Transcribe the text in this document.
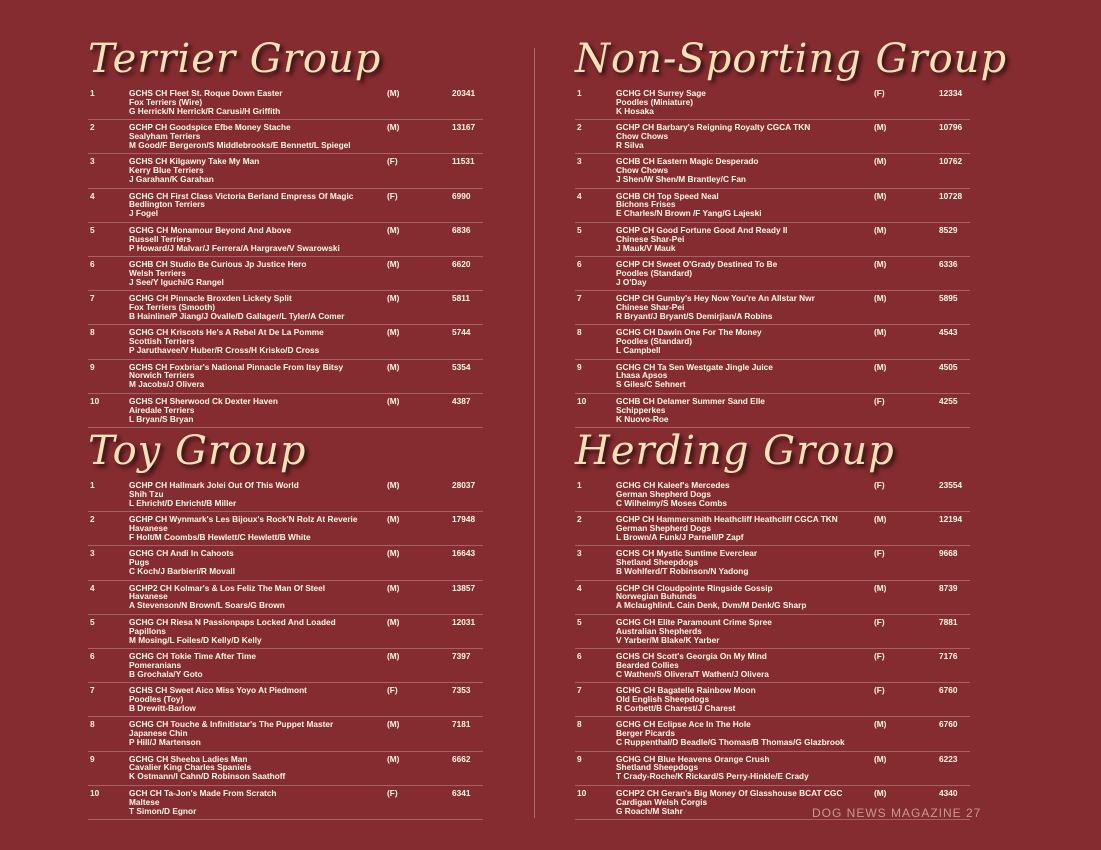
Terrier Group
1	GCHS CH Fleet St. Roque Down Easter
Fox Terriers (Wire)
G Herrick/N Herrick/R Carusi/H Griffith
(M)	20341
2	GCHP CH Goodspice Efbe Money Stache
Sealyham Terriers
M Good/F Bergeron/S Middlebrooks/E Bennett/L Spiegel
(M)	13167
3	GCHS CH Kilgawny Take My Man
Kerry Blue Terriers
J Garahan/K Garahan
(F)	11531
4	GCHG CH First Class Victoria Berland Empress Of Magic
Bedlington Terriers
J Fogel
(F)	6990
5	GCHG CH Monamour Beyond And Above
Russell Terriers
P Howard/J Malvar/J Ferrera/A Hargrave/V Swarowski
(M)	6836
6	GCHB CH Studio Be Curious Jp Justice Hero
Welsh Terriers
J See/Y Iguchi/G Rangel
(M)	6620
7	GCHG CH Pinnacle Broxden Lickety Split
Fox Terriers (Smooth)
B Hainline/P Jiang/J Ovalle/D Gallager/L Tyler/A Comer
(M)	5811
8	GCHG CH Kriscots He's A Rebel At De La Pomme
Scottish Terriers
P Jaruthavee/V Huber/R Cross/H Krisko/D Cross
(M)	5744
9	GCHS CH Foxbriar's National Pinnacle From Itsy Bitsy
Norwich Terriers
M Jacobs/J Olivera
(M)	5354
10	GCHS CH Sherwood Ck Dexter Haven
Airedale Terriers
L Bryan/S Bryan
(M)	4387
Non-Sporting Group
1	GCHG CH Surrey Sage
Poodles (Miniature)
K Hosaka
(F)	12334
2	GCHP CH Barbary's Reigning Royalty CGCA TKN
Chow Chows
R Silva
(M)	10796
3	GCHB CH Eastern Magic Desperado
Chow Chows
J Shen/W Shen/M Brantley/C Fan
(M)	10762
4	GCHB CH Top Speed Neal
Bichons Frises
E Charles/N Brown /F Yang/G Lajeski
(M)	10728
5	GCHP CH Good Fortune Good And Ready II
Chinese Shar-Pei
J Mauk/V Mauk
(M)	8529
6	GCHP CH Sweet O'Grady Destined To Be
Poodles (Standard)
J O'Day
(M)	6336
7	GCHP CH Gumby's Hey Now You're An Allstar Nwr
Chinese Shar-Pei
R Bryant/J Bryant/S Demirjian/A Robins
(M)	5895
8	GCHG CH Dawin One For The Money
Poodles (Standard)
L Campbell
(M)	4543
9	GCHG CH Ta Sen Westgate Jingle Juice
Lhasa Apsos
S Giles/C Sehnert
(M)	4505
10	GCHB CH Delamer Summer Sand Elle
Schipperkes
K Nuovo-Roe
(F)	4255
Toy Group
1	GCHP CH Hallmark Jolei Out Of This World
Shih Tzu
L Ehricht/D Ehricht/B Miller
(M)	28037
2	GCHP CH Wynmark's Les Bijoux's Rock'N Rolz At Reverie
Havanese
F Holt/M Coombs/B Hewlett/C Hewlett/B White
(M)	17948
3	GCHG CH Andi In Cahoots
Pugs
C Koch/J Barbieri/R Movall
(M)	16643
4	GCHP2 CH Kolmar's & Los Feliz The Man Of Steel
Havanese
A Stevenson/N Brown/L Soars/G Brown
(M)	13857
5	GCHG CH Riesa N Passionpaps Locked And Loaded
Papillons
M Mosing/L Foiles/D Kelly/D Kelly
(M)	12031
6	GCHG CH Tokie Time After Time
Pomeranians
B Grochala/Y Goto
(M)	7397
7	GCHS CH Sweet Aico Miss Yoyo At Piedmont
Poodles (Toy)
B Drewitt-Barlow
(F)	7353
8	GCHG CH Touche & Infinitistar's The Puppet Master
Japanese Chin
P Hill/J Martenson
(M)	7181
9	GCHG CH Sheeba Ladies Man
Cavalier King Charles Spaniels
K Ostmann/I Cahn/D Robinson Saathoff
(M)	6662
10	GCH CH Ta-Jon's Made From Scratch
Maltese
T Simon/D Egnor
(F)	6341
Herding Group
1	GCHG CH Kaleef's Mercedes
German Shepherd Dogs
C Wilhelmy/S Moses Combs
(F)	23554
2	GCHP CH Hammersmith Heathcliff Heathcliff CGCA TKN
German Shepherd Dogs
L Brown/A Funk/J Parnell/P Zapf
(M)	12194
3	GCHS CH Mystic Suntime Everclear
Shetland Sheepdogs
B Wohlferd/T Robinson/N Yadong
(F)	9668
4	GCHP CH Cloudpointe Ringside Gossip
Norwegian Buhunds
A Mclaughlin/L Cain Denk, Dvm/M Denk/G Sharp
(M)	8739
5	GCHG CH Elite Paramount Crime Spree
Australian Shepherds
V Yarber/M Blake/K Yarber
(F)	7881
6	GCHS CH Scott's Georgia On My Mind
Bearded Collies
C Wathen/S Olivera/T Wathen/J Olivera
(F)	7176
7	GCHG CH Bagatelle Rainbow Moon
Old English Sheepdogs
R Corbett/B Charest/J Charest
(F)	6760
8	GCHG CH Eclipse Ace In The Hole
Berger Picards
C Ruppenthal/D Beadle/G Thomas/B Thomas/G Glazbrook
(M)	6760
9	GCHG CH Blue Heavens Orange Crush
Shetland Sheepdogs
T Crady-Roche/K Rickard/S Perry-Hinkle/E Crady
(M)	6223
10	GCHP2 CH Geran's Big Money Of Glasshouse BCAT CGC
Cardigan Welsh Corgis
G Roach/M Stahr
(M)	4340
DOG NEWS MAGAZINE 27
